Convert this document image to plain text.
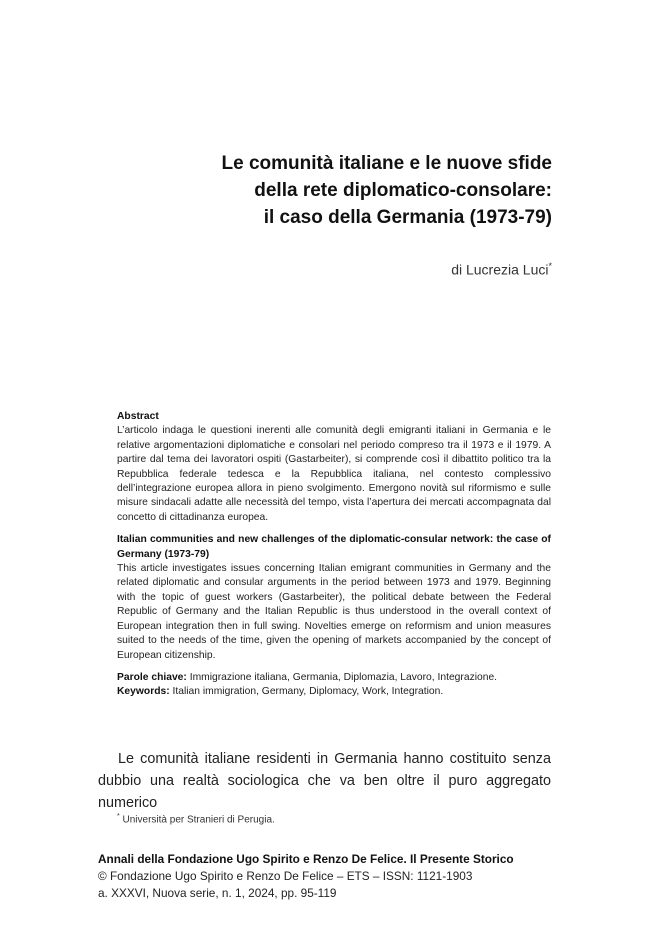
Le comunità italiane e le nuove sfide
della rete diplomatico-consolare:
il caso della Germania (1973-79)
di Lucrezia Luci*

Abstract

L’articolo indaga le questioni inerenti alle comunità degli emigranti italiani in Germania e le relative argomentazioni diplomatiche e consolari nel periodo compreso tra il 1973 e il 1979. A partire dal tema dei lavoratori ospiti (Gastarbeiter), si comprende così il dibattito politico tra la Repubblica federale tedesca e la Repubblica italiana, nel contesto complessivo dell’integrazione europea allora in pieno svolgimento. Emergono novità sul riformismo e sulle misure sindacali adatte alle necessità del tempo, vista l’apertura dei mercati accompagnata dal concetto di cittadinanza europea.

Italian communities and new challenges of the diplomatic-consular network: the case of Germany (1973-79)

This article investigates issues concerning Italian emigrant communities in Germany and the related diplomatic and consular arguments in the period between 1973 and 1979. Beginning with the topic of guest workers (Gastarbeiter), the political debate between the Federal Republic of Germany and the Italian Republic is thus understood in the overall context of European integration then in full swing. Novelties emerge on reformism and union measures suited to the needs of the time, given the opening of markets accompanied by the concept of European citizenship.

Parole chiave: Immigrazione italiana, Germania, Diplomazia, Lavoro, Integrazione.

Keywords: Italian immigration, Germany, Diplomacy, Work, Integration.

Le comunità italiane residenti in Germania hanno costituito senza dubbio una realtà sociologica che va ben oltre il puro aggregato numerico

* Università per Stranieri di Perugia.
Annali della Fondazione Ugo Spirito e Renzo De Felice. Il Presente Storico
© Fondazione Ugo Spirito e Renzo De Felice – ETS – ISSN: 1121-1903
a. XXXVI, Nuova serie, n. 1, 2024, pp. 95-119
